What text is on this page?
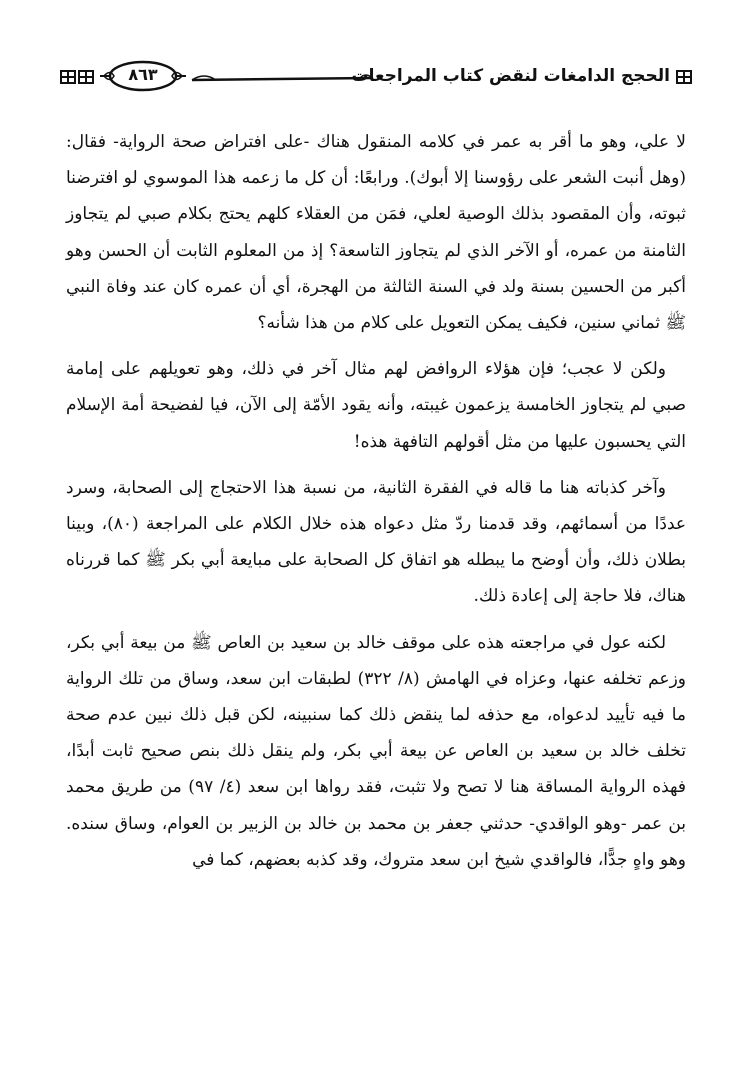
الحجج الدامغات لنقض كتاب المراجعات
٨٦٣

لا علي، وهو ما أقر به عمر في كلامه المنقول هناك -على افتراض صحة الرواية- فقال: (وهل أنبت الشعر على رؤوسنا إلا أبوك). ورابعًا: أن كل ما زعمه هذا الموسوي لو افترضنا ثبوته، وأن المقصود بذلك الوصية لعلي، فمَن من العقلاء كلهم يحتج بكلام صبي لم يتجاوز الثامنة من عمره، أو الآخر الذي لم يتجاوز التاسعة؟ إذ من المعلوم الثابت أن الحسن وهو أكبر من الحسين بسنة ولد في السنة الثالثة من الهجرة، أي أن عمره كان عند وفاة النبي ﷺ ثماني سنين، فكيف يمكن التعويل على كلام من هذا شأنه؟

ولكن لا عجب؛ فإن هؤلاء الروافض لهم مثال آخر في ذلك، وهو تعويلهم على إمامة صبي لم يتجاوز الخامسة يزعمون غيبته، وأنه يقود الأمّة إلى الآن، فيا لفضيحة أمة الإسلام التي يحسبون عليها من مثل أقولهم التافهة هذه!

وآخر كذباته هنا ما قاله في الفقرة الثانية، من نسبة هذا الاحتجاج إلى الصحابة، وسرد عددًا من أسمائهم، وقد قدمنا ردّ مثل دعواه هذه خلال الكلام على المراجعة (٨٠)، وبينا بطلان ذلك، وأن أوضح ما يبطله هو اتفاق كل الصحابة على مبايعة أبي بكر ﷺ كما قررناه هناك، فلا حاجة إلى إعادة ذلك.

لكنه عول في مراجعته هذه على موقف خالد بن سعيد بن العاص ﷺ من بيعة أبي بكر، وزعم تخلفه عنها، وعزاه في الهامش (٨/ ٣٢٢) لطبقات ابن سعد، وساق من تلك الرواية ما فيه تأييد لدعواه، مع حذفه لما ينقض ذلك كما سنبينه، لكن قبل ذلك نبين عدم صحة تخلف خالد بن سعيد بن العاص عن بيعة أبي بكر، ولم ينقل ذلك بنص صحيح ثابت أبدًا، فهذه الرواية المساقة هنا لا تصح ولا تثبت، فقد رواها ابن سعد (٤/ ٩٧) من طريق محمد بن عمر -وهو الواقدي- حدثني جعفر بن محمد بن خالد بن الزبير بن العوام، وساق سنده. وهو واهٍ جدًّا، فالواقدي شيخ ابن سعد متروك، وقد كذبه بعضهم، كما في
